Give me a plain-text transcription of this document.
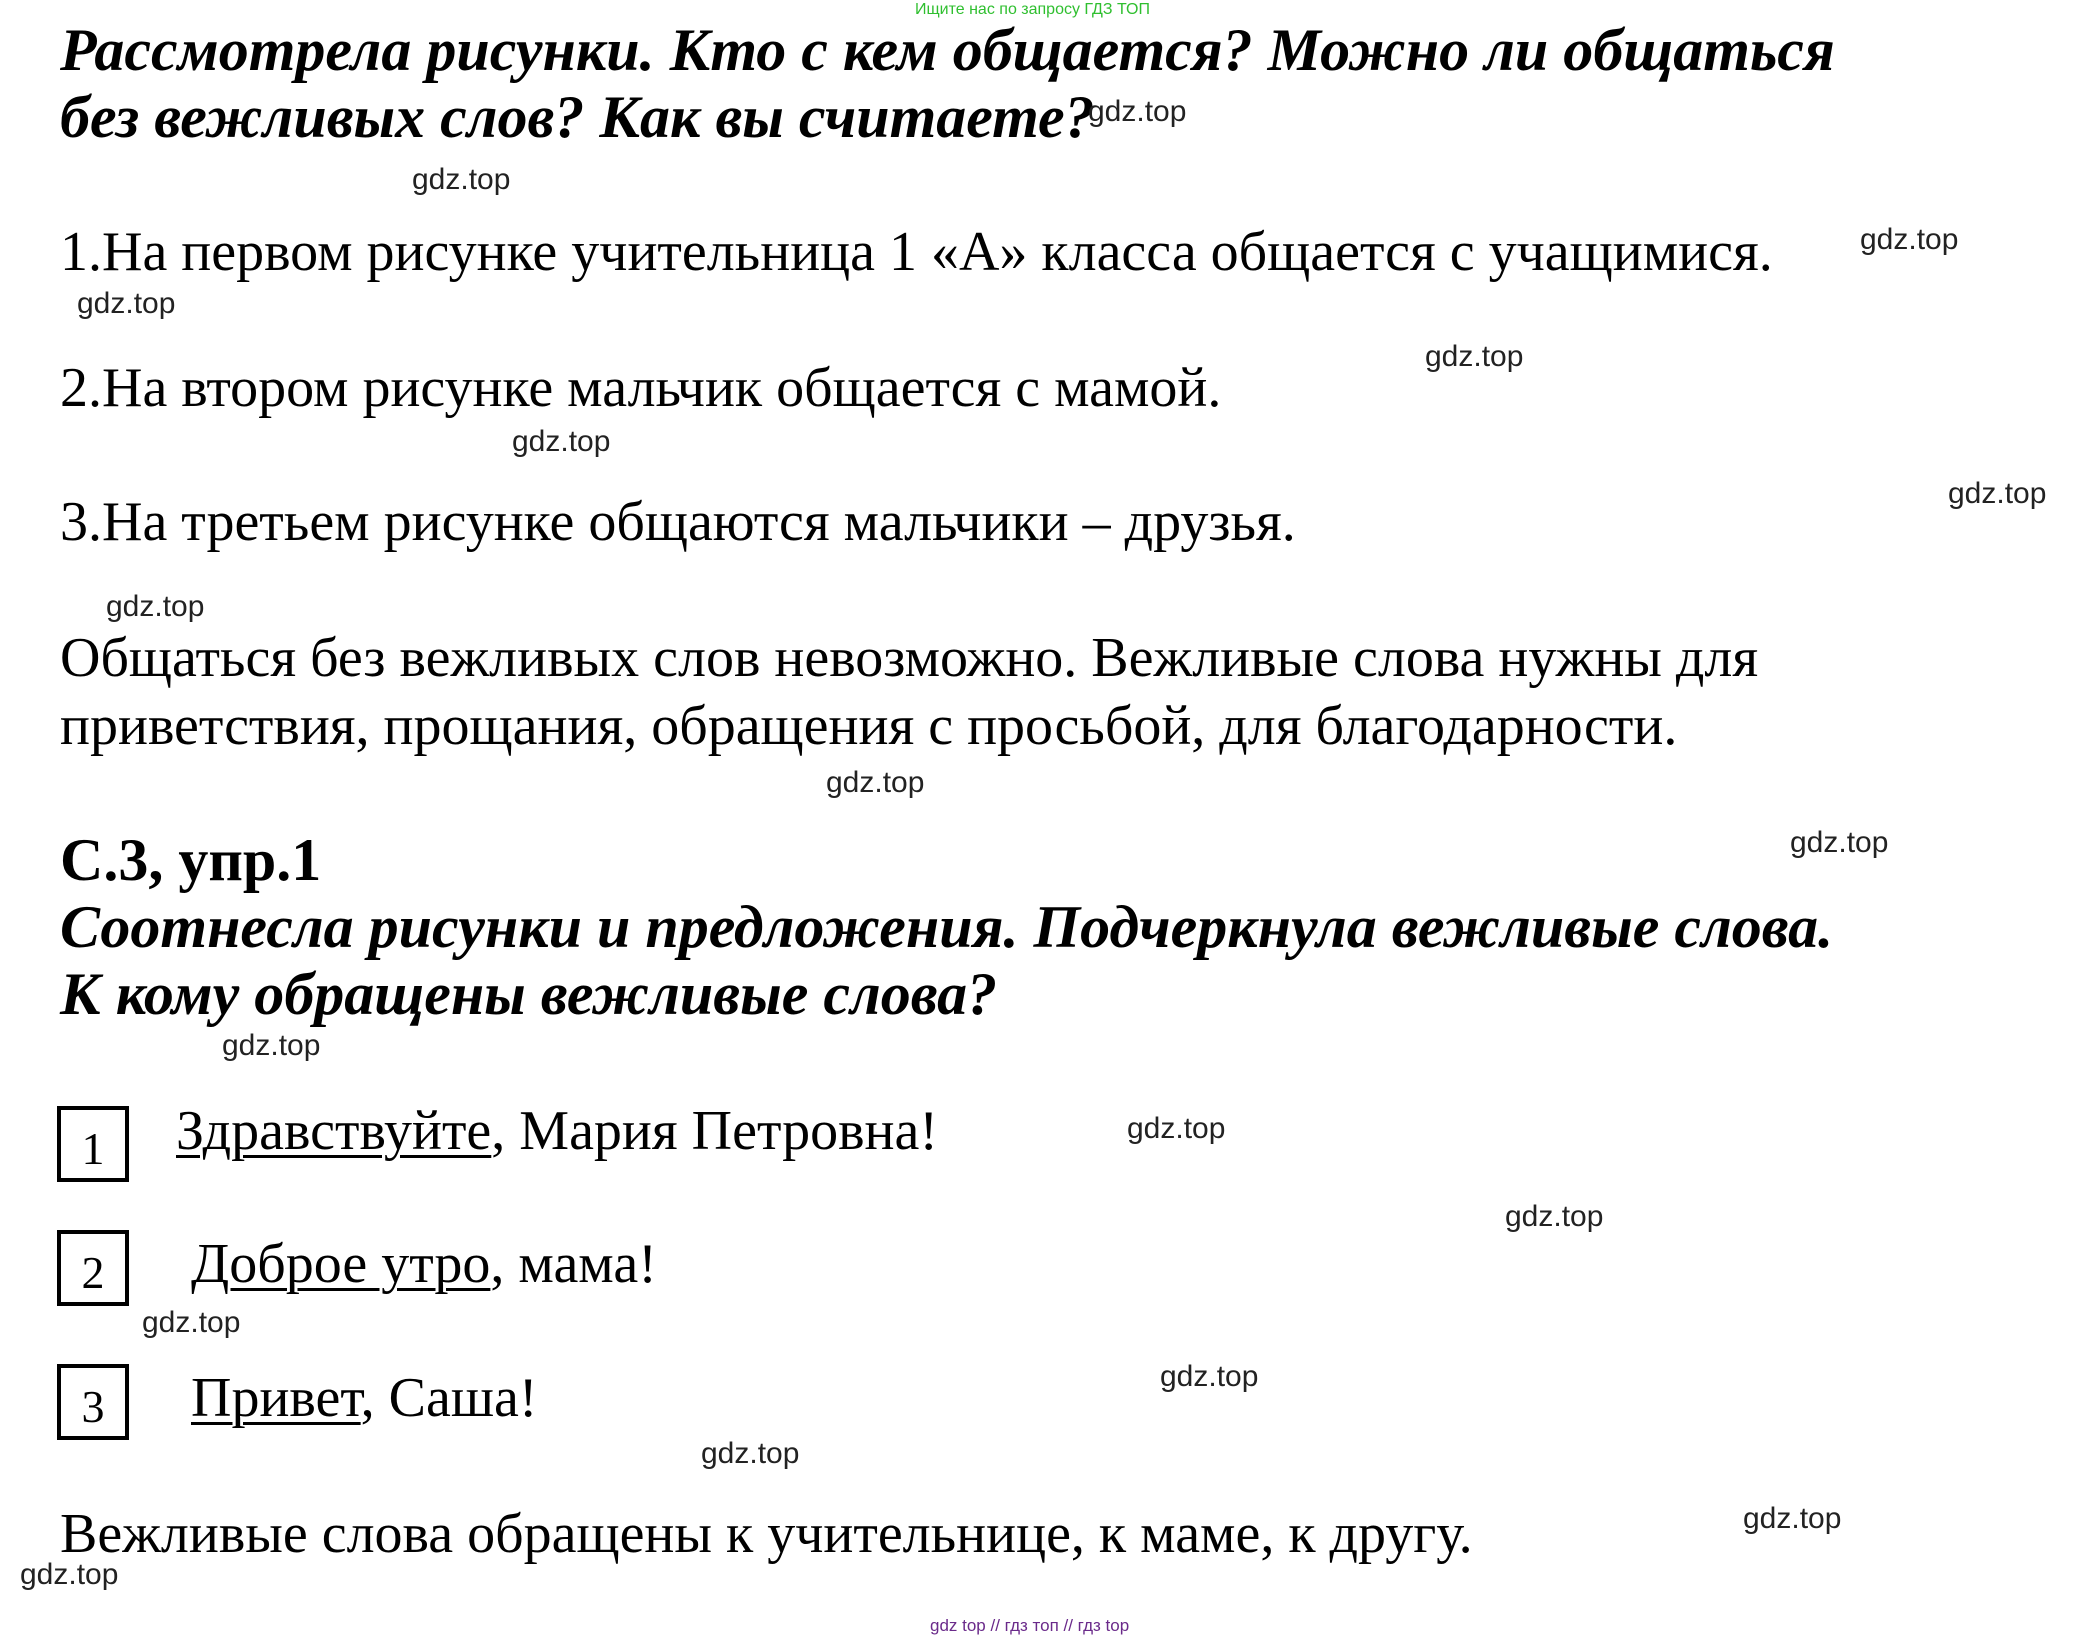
Ищите нас по запросу ГДЗ ТОП
Рассмотрела рисунки. Кто с кем общается? Можно ли общаться
без вежливых слов? Как вы считаете?
1.На первом рисунке учительница 1 «А» класса общается с учащимися.
2.На втором рисунке мальчик общается с мамой.
3.На третьем рисунке общаются мальчики – друзья.
Общаться без вежливых слов невозможно. Вежливые слова нужны для
приветствия, прощания, обращения с просьбой, для благодарности.
С.3, упр.1
Соотнесла рисунки и предложения. Подчеркнула вежливые слова.
К кому обращены вежливые слова?
1 Здравствуйте, Мария Петровна!
2 Доброе утро, мама!
3 Привет, Саша!
Вежливые слова обращены к учительнице, к маме, к другу.
gdz.top
gdz.top
gdz.top
gdz.top
gdz.top
gdz.top
gdz.top
gdz.top
gdz.top
gdz.top
gdz.top
gdz.top
gdz.top
gdz.top
gdz.top
gdz.top
gdz.top
gdz.top
gdz top // гдз топ // гдз top
